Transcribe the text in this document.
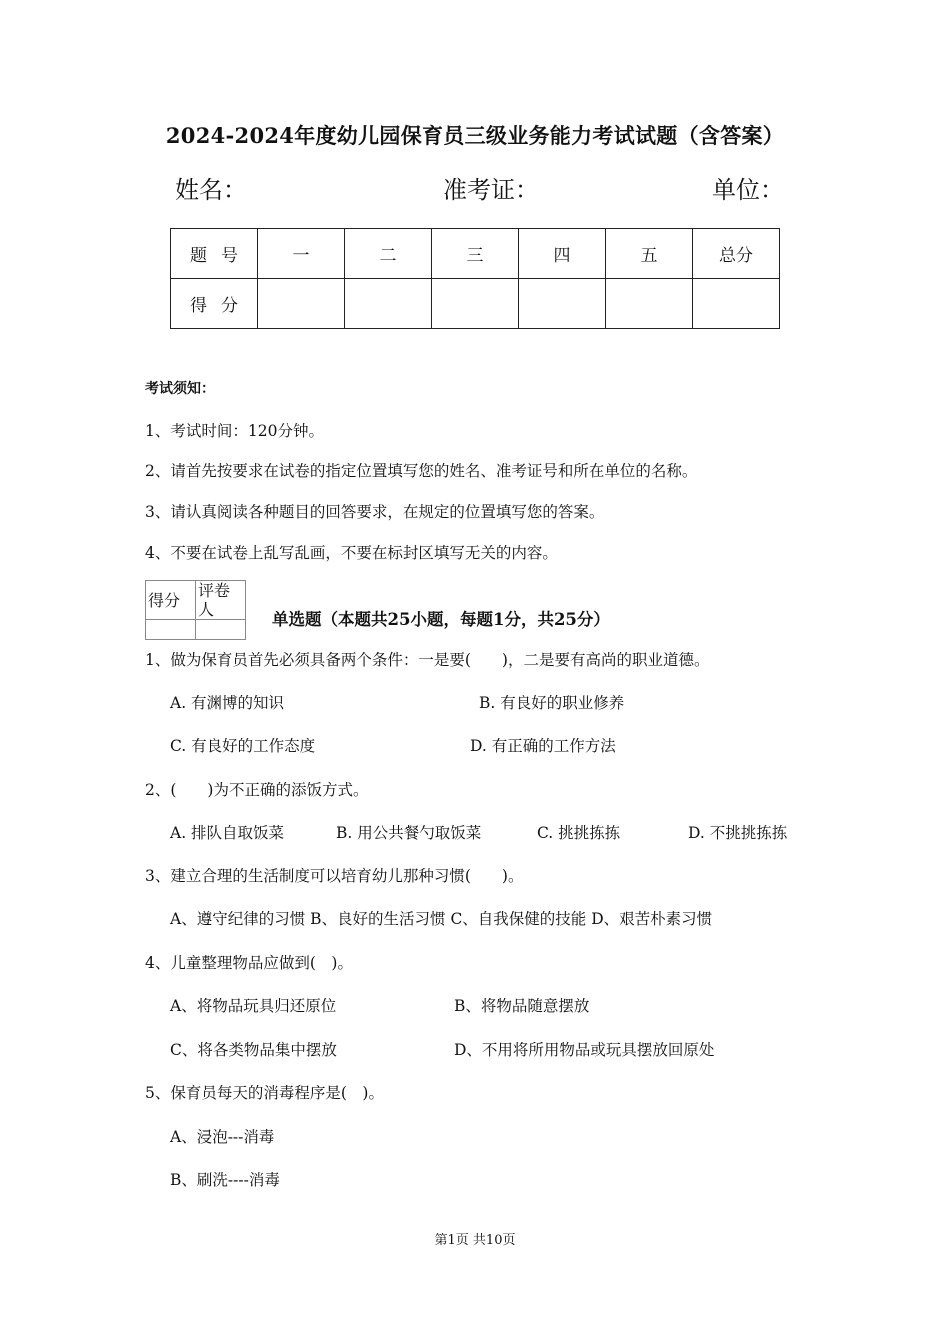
2024-2024年度幼儿园保育员三级业务能力考试试题（含答案）
姓名：	准考证：	单位：
题号	一	二	三	四	五	总分
得分						
考试须知：
1、考试时间：120分钟。
2、请首先按要求在试卷的指定位置填写您的姓名、准考证号和所在单位的名称。
3、请认真阅读各种题目的回答要求，在规定的位置填写您的答案。
4、不要在试卷上乱写乱画，不要在标封区填写无关的内容。
得分	评卷人

单选题（本题共25小题，每题1分，共25分）
1、做为保育员首先必须具备两个条件：一是要(　　)，二是要有高尚的职业道德。
A. 有渊博的知识	B. 有良好的职业修养
C. 有良好的工作态度	D. 有正确的工作方法
2、(　　)为不正确的添饭方式。
A. 排队自取饭菜	B. 用公共餐勺取饭菜	C. 挑挑拣拣	D. 不挑挑拣拣
3、建立合理的生活制度可以培育幼儿那种习惯(　　)。
A、遵守纪律的习惯 B、良好的生活习惯 C、自我保健的技能 D、艰苦朴素习惯
4、儿童整理物品应做到(　)。
A、将物品玩具归还原位	B、将物品随意摆放
C、将各类物品集中摆放	D、不用将所用物品或玩具摆放回原处
5、保育员每天的消毒程序是(　)。
A、浸泡---消毒
B、刷洗----消毒
第1页 共10页
